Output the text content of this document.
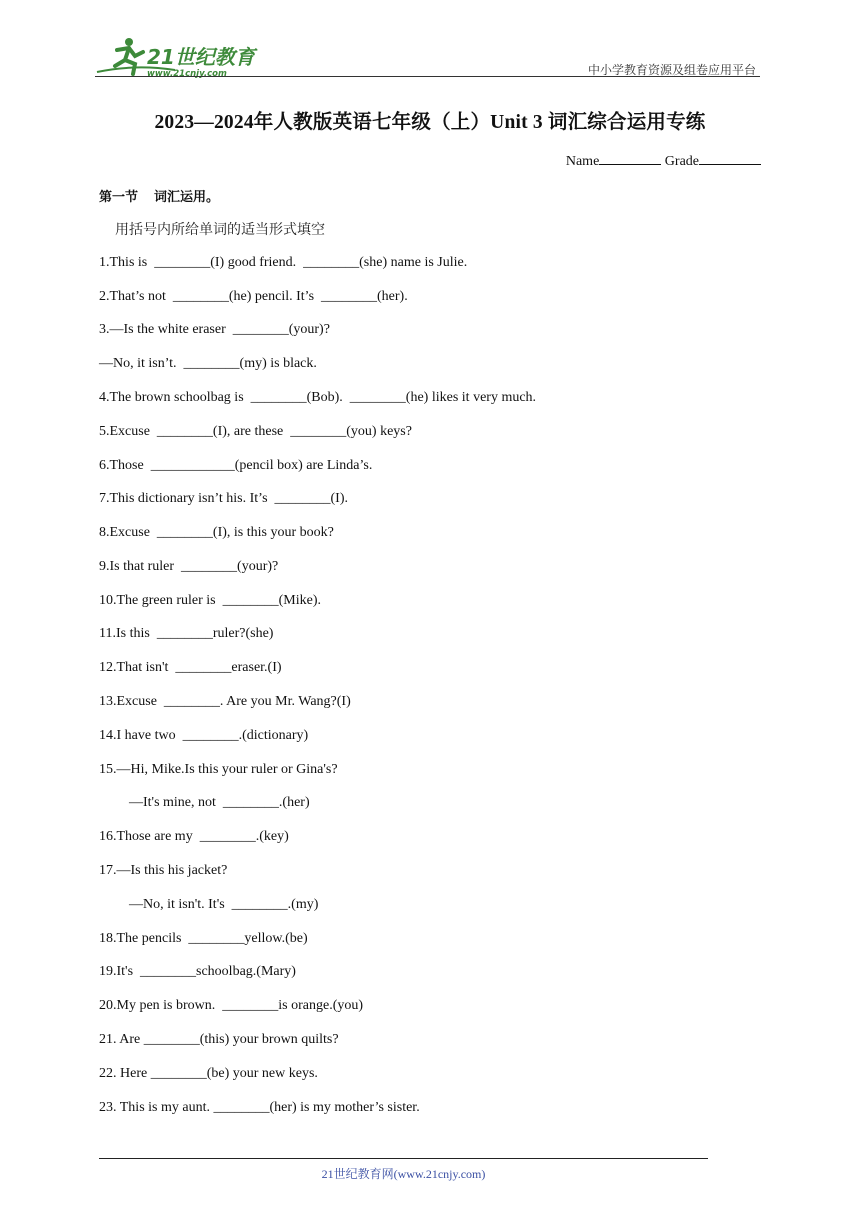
21世纪教育
www.21cnjy.com	中小学教育资源及组卷应用平台
2023—2024年人教版英语七年级（上）Unit 3 词汇综合运用专练
Name	Grade
第一节 词汇运用。
用括号内所给单词的适当形式填空
1.This is  ________(I) good friend.  ________(she) name is Julie.
2.That’s not  ________(he) pencil. It’s  ________(her).
3.—Is the white eraser  ________(your)?
—No, it isn’t.  ________(my) is black.
4.The brown schoolbag is  ________(Bob).  ________(he) likes it very much.
5.Excuse  ________(I), are these  ________(you) keys?
6.Those  ____________(pencil box) are Linda’s.
7.This dictionary isn’t his. It’s  ________(I).
8.Excuse  ________(I), is this your book?
9.Is that ruler  ________(your)?
10.The green ruler is  ________(Mike).
11.Is this  ________ruler?(she)
12.That isn't  ________eraser.(I)
13.Excuse  ________. Are you Mr. Wang?(I)
14.I have two  ________.(dictionary)
15.—Hi, Mike.Is this your ruler or Gina's?
—It's mine, not  ________.(her)
16.Those are my  ________.(key)
17.—Is this his jacket?
—No, it isn't. It's  ________.(my)
18.The pencils  ________yellow.(be)
19.It's  ________schoolbag.(Mary)
20.My pen is brown.  ________is orange.(you)
21. Are ________(this) your brown quilts?
22. Here ________(be) your new keys.
23. This is my aunt. ________(her) is my mother’s sister.
21世纪教育网(www.21cnjy.com)
